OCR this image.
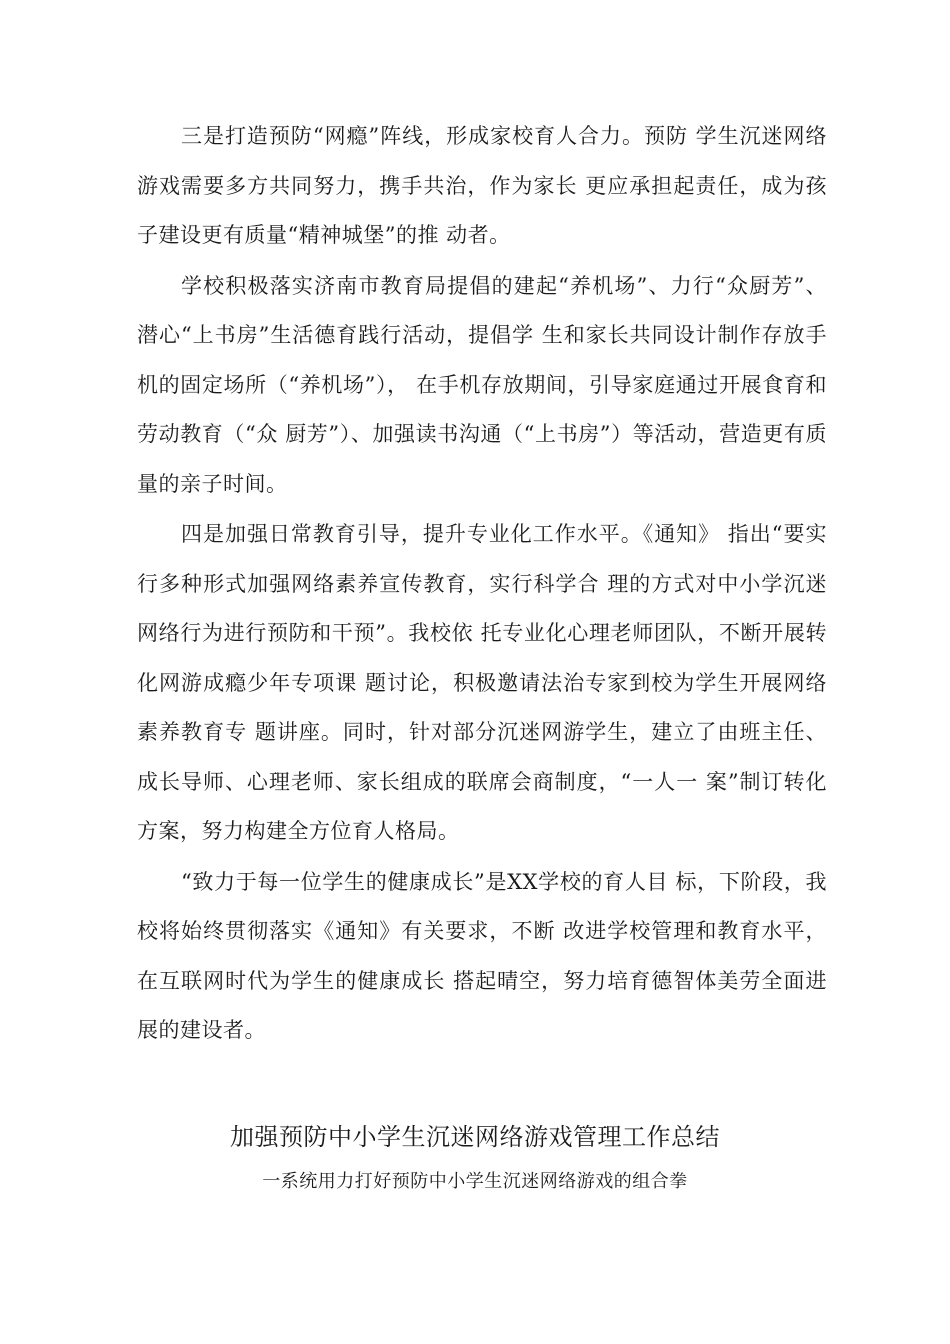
三是打造预防“网瘾”阵线，形成家校育人合力。预防 学生沉迷网络游戏需要多方共同努力，携手共治，作为家长 更应承担起责任，成为孩子建设更有质量“精神城堡”的推 动者。

学校积极落实济南市教育局提倡的建起“养机场”、力行“众厨芳”、潜心“上书房”生活德育践行活动，提倡学 生和家长共同设计制作存放手机的固定场所（“养机场”）， 在手机存放期间，引导家庭通过开展食育和劳动教育（“众 厨芳”）、加强读书沟通（“上书房”）等活动，营造更有质 量的亲子时间。

四是加强日常教育引导，提升专业化工作水平。《通知》 指出“要实行多种形式加强网络素养宣传教育，实行科学合 理的方式对中小学沉迷网络行为进行预防和干预”。我校依 托专业化心理老师团队，不断开展转化网游成瘾少年专项课 题讨论，积极邀请法治专家到校为学生开展网络素养教育专 题讲座。同时，针对部分沉迷网游学生，建立了由班主任、 成长导师、心理老师、家长组成的联席会商制度，“一人一 案”制订转化方案，努力构建全方位育人格局。

“致力于每一位学生的健康成长”是XX学校的育人目 标，下阶段，我校将始终贯彻落实《通知》有关要求，不断 改进学校管理和教育水平，在互联网时代为学生的健康成长 搭起晴空，努力培育德智体美劳全面进展的建设者。

加强预防中小学生沉迷网络游戏管理工作总结
一系统用力打好预防中小学生沉迷网络游戏的组合拳
